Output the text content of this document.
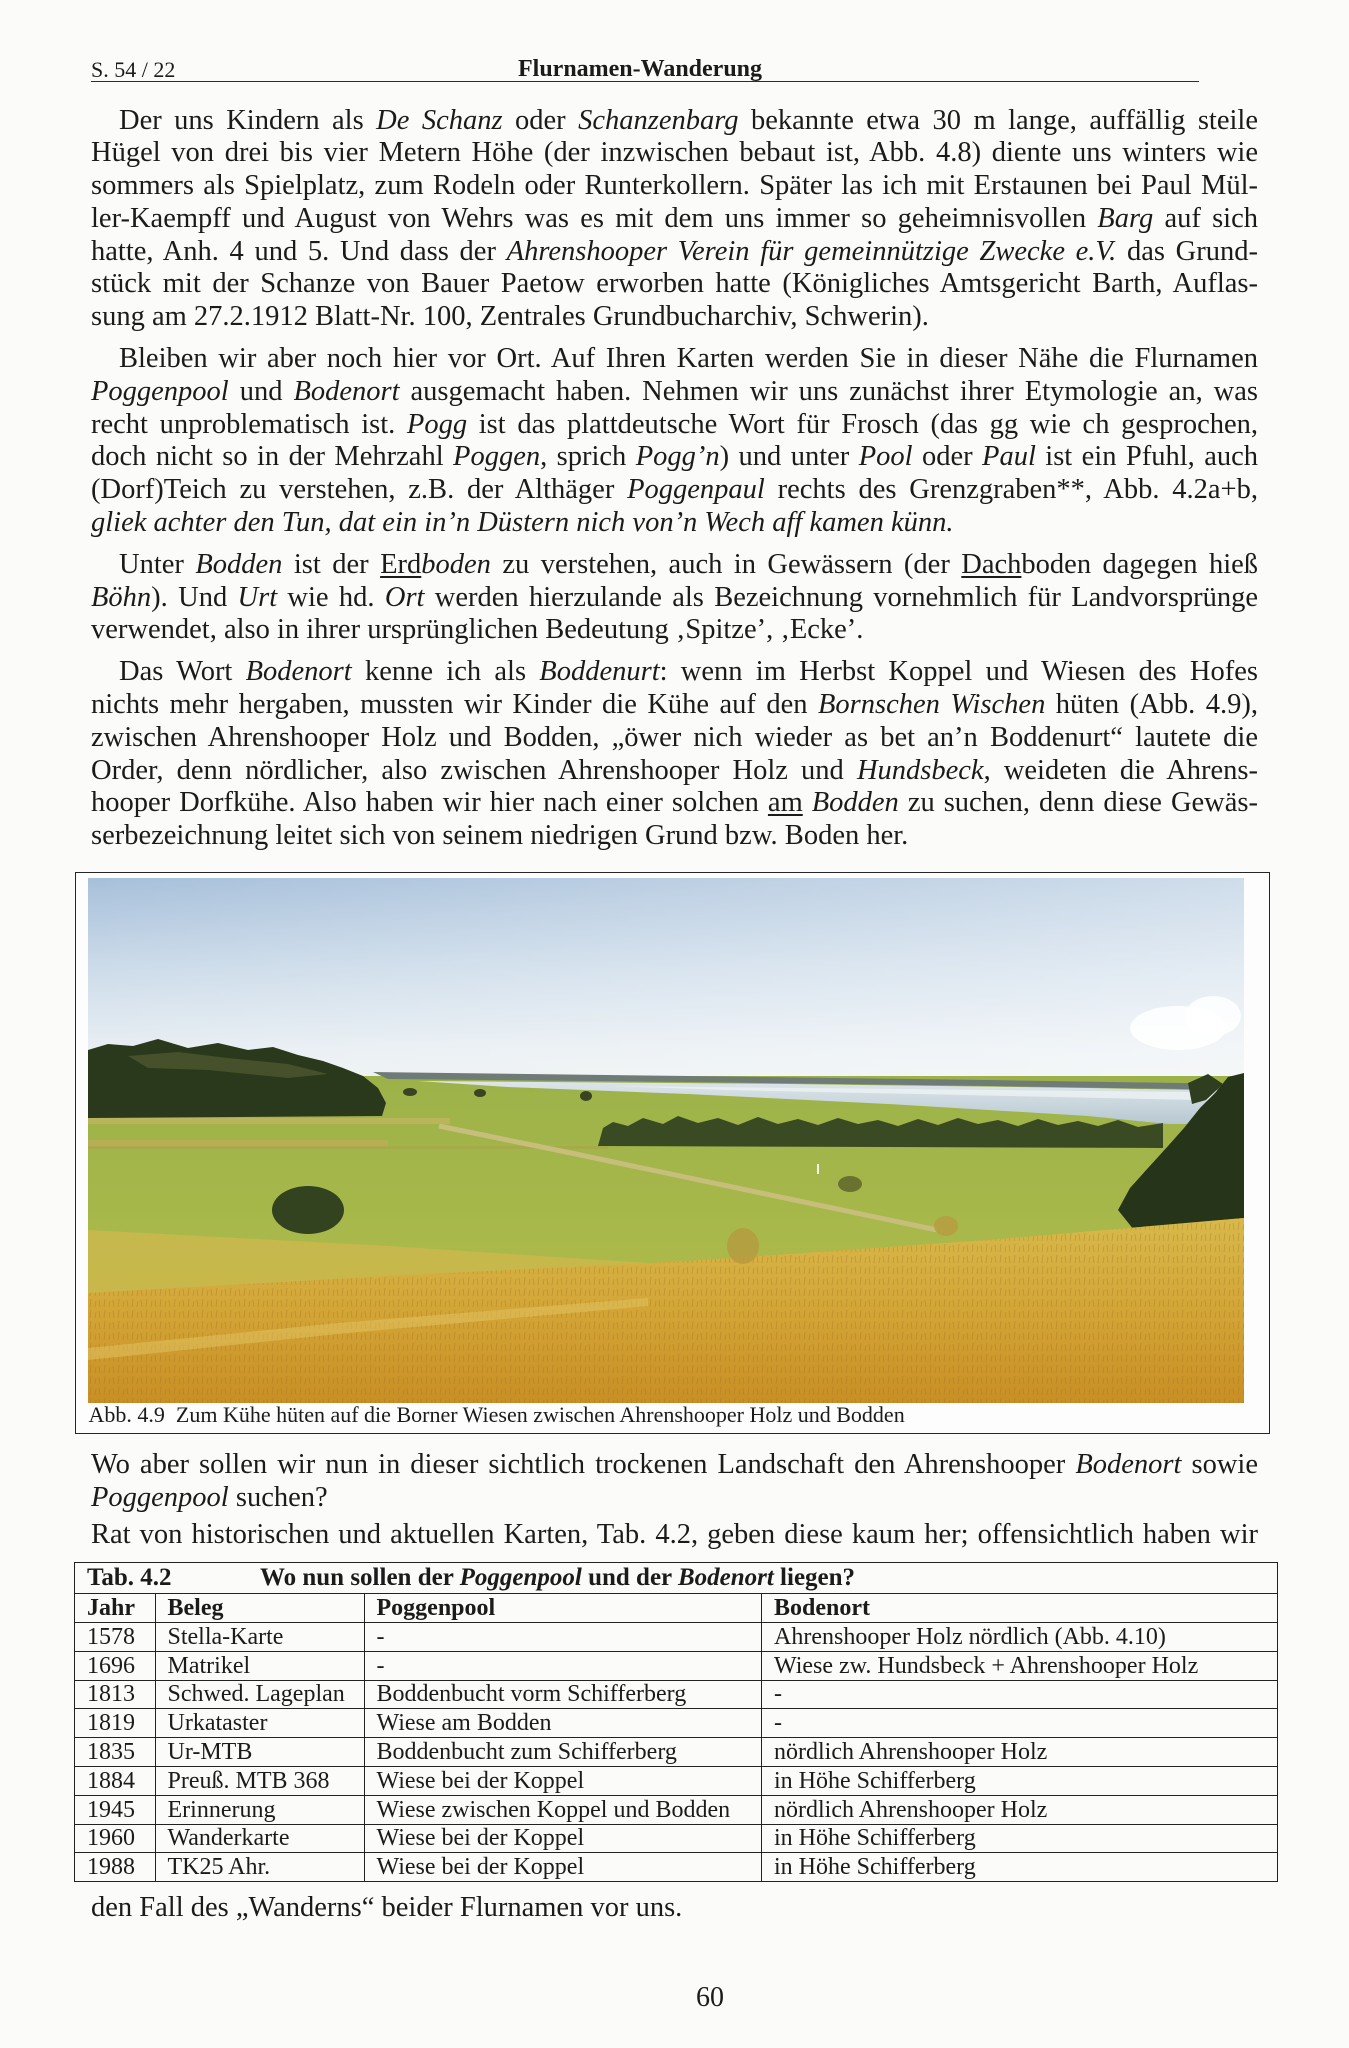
S. 54 / 22	Flurnamen-Wanderung
Der uns Kindern als De Schanz oder Schanzenbarg bekannte etwa 30 m lange, auffällig steile
Hügel von drei bis vier Metern Höhe (der inzwischen bebaut ist, Abb. 4.8) diente uns winters wie
sommers als Spielplatz, zum Rodeln oder Runterkollern. Später las ich mit Erstaunen bei Paul Mül-
ler-Kaempff und August von Wehrs was es mit dem uns immer so geheimnisvollen Barg auf sich
hatte, Anh. 4 und 5. Und dass der Ahrenshooper Verein für gemeinnützige Zwecke e.V. das Grund-
stück mit der Schanze von Bauer Paetow erworben hatte (Königliches Amtsgericht Barth, Auflas-
sung am 27.2.1912 Blatt-Nr. 100, Zentrales Grundbucharchiv, Schwerin).
Bleiben wir aber noch hier vor Ort. Auf Ihren Karten werden Sie in dieser Nähe die Flurnamen
Poggenpool und Bodenort ausgemacht haben. Nehmen wir uns zunächst ihrer Etymologie an, was
recht unproblematisch ist. Pogg ist das plattdeutsche Wort für Frosch (das gg wie ch gesprochen,
doch nicht so in der Mehrzahl Poggen, sprich Pogg’n) und unter Pool oder Paul ist ein Pfuhl, auch
(Dorf)Teich zu verstehen, z.B. der Althäger Poggenpaul rechts des Grenzgraben**, Abb. 4.2a+b,
gliek achter den Tun, dat ein in’n Düstern nich von’n Wech aff kamen künn.
Unter Bodden ist der Erdboden zu verstehen, auch in Gewässern (der Dachboden dagegen hieß
Böhn). Und Urt wie hd. Ort werden hierzulande als Bezeichnung vornehmlich für Landvorsprünge
verwendet, also in ihrer ursprünglichen Bedeutung ‚Spitze’, ‚Ecke’.
Das Wort Bodenort kenne ich als Boddenurt: wenn im Herbst Koppel und Wiesen des Hofes
nichts mehr hergaben, mussten wir Kinder die Kühe auf den Bornschen Wischen hüten (Abb. 4.9),
zwischen Ahrenshooper Holz und Bodden, „öwer nich wieder as bet an’n Boddenurt“ lautete die
Order, denn nördlicher, also zwischen Ahrenshooper Holz und Hundsbeck, weideten die Ahrens-
hooper Dorfkühe. Also haben wir hier nach einer solchen am Bodden zu suchen, denn diese Gewäs-
serbezeichnung leitet sich von seinem niedrigen Grund bzw. Boden her.
Abb. 4.9 Zum Kühe hüten auf die Borner Wiesen zwischen Ahrenshooper Holz und Bodden
Wo aber sollen wir nun in dieser sichtlich trockenen Landschaft den Ahrenshooper Bodenort sowie
Poggenpool suchen?
Rat von historischen und aktuellen Karten, Tab. 4.2, geben diese kaum her; offensichtlich haben wir
Tab. 4.2 Wo nun sollen der Poggenpool und der Bodenort liegen?			
Jahr	Beleg	Poggenpool	Bodenort
1578	Stella-Karte	-	Ahrenshooper Holz nördlich (Abb. 4.10)
1696	Matrikel	-	Wiese zw. Hundsbeck + Ahrenshooper Holz
1813	Schwed. Lageplan	Boddenbucht vorm Schifferberg	-
1819	Urkataster	Wiese am Bodden	-
1835	Ur-MTB	Boddenbucht zum Schifferberg	nördlich Ahrenshooper Holz
1884	Preuß. MTB 368	Wiese bei der Koppel	in Höhe Schifferberg
1945	Erinnerung	Wiese zwischen Koppel und Bodden	nördlich Ahrenshooper Holz
1960	Wanderkarte	Wiese bei der Koppel	in Höhe Schifferberg
1988	TK25 Ahr.	Wiese bei der Koppel	in Höhe Schifferberg
den Fall des „Wanderns“ beider Flurnamen vor uns.
60
